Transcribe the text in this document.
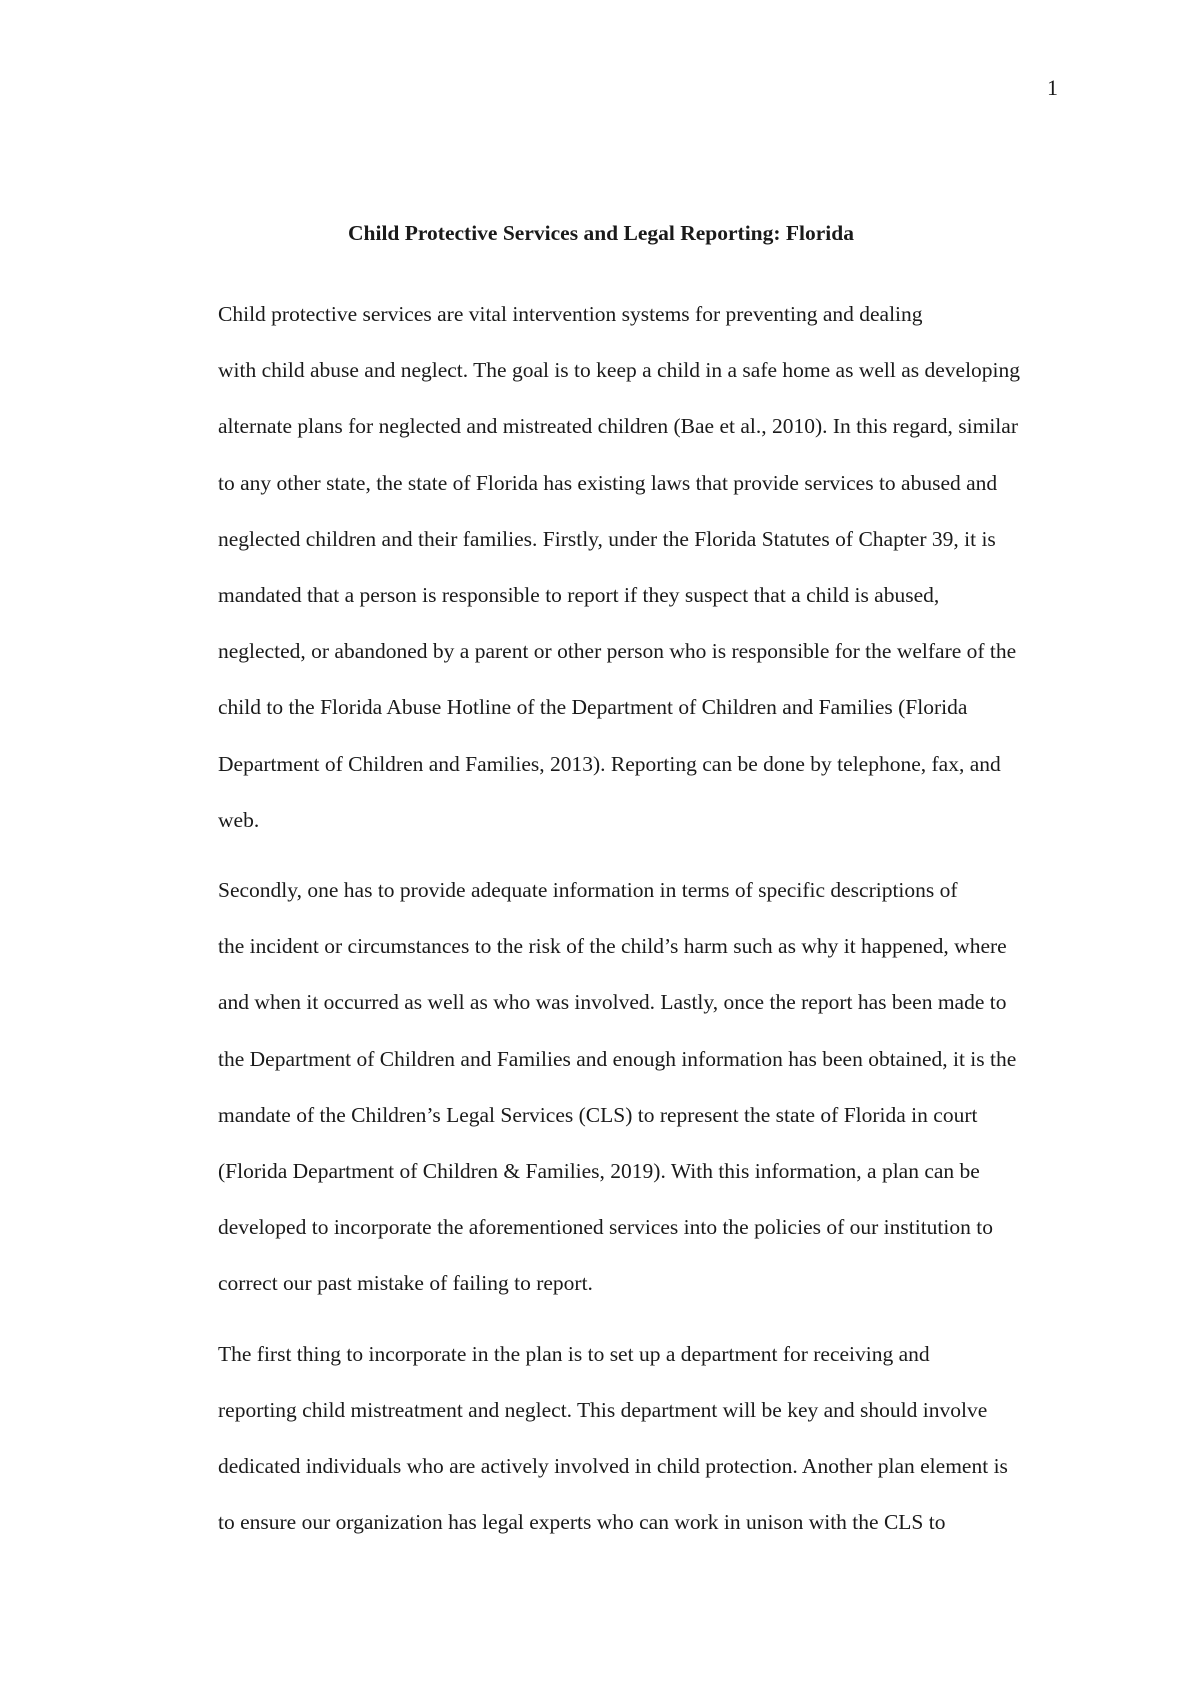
1
Child Protective Services and Legal Reporting: Florida

Child protective services are vital intervention systems for preventing and dealing
with child abuse and neglect. The goal is to keep a child in a safe home as well as developing
alternate plans for neglected and mistreated children (Bae et al., 2010). In this regard, similar
to any other state, the state of Florida has existing laws that provide services to abused and
neglected children and their families. Firstly, under the Florida Statutes of Chapter 39, it is
mandated that a person is responsible to report if they suspect that a child is abused,
neglected, or abandoned by a parent or other person who is responsible for the welfare of the
child to the Florida Abuse Hotline of the Department of Children and Families (Florida
Department of Children and Families, 2013). Reporting can be done by telephone, fax, and
web.

Secondly, one has to provide adequate information in terms of specific descriptions of
the incident or circumstances to the risk of the child’s harm such as why it happened, where
and when it occurred as well as who was involved. Lastly, once the report has been made to
the Department of Children and Families and enough information has been obtained, it is the
mandate of the Children’s Legal Services (CLS) to represent the state of Florida in court
(Florida Department of Children & Families, 2019). With this information, a plan can be
developed to incorporate the aforementioned services into the policies of our institution to
correct our past mistake of failing to report.

The first thing to incorporate in the plan is to set up a department for receiving and
reporting child mistreatment and neglect. This department will be key and should involve
dedicated individuals who are actively involved in child protection. Another plan element is
to ensure our organization has legal experts who can work in unison with the CLS to
